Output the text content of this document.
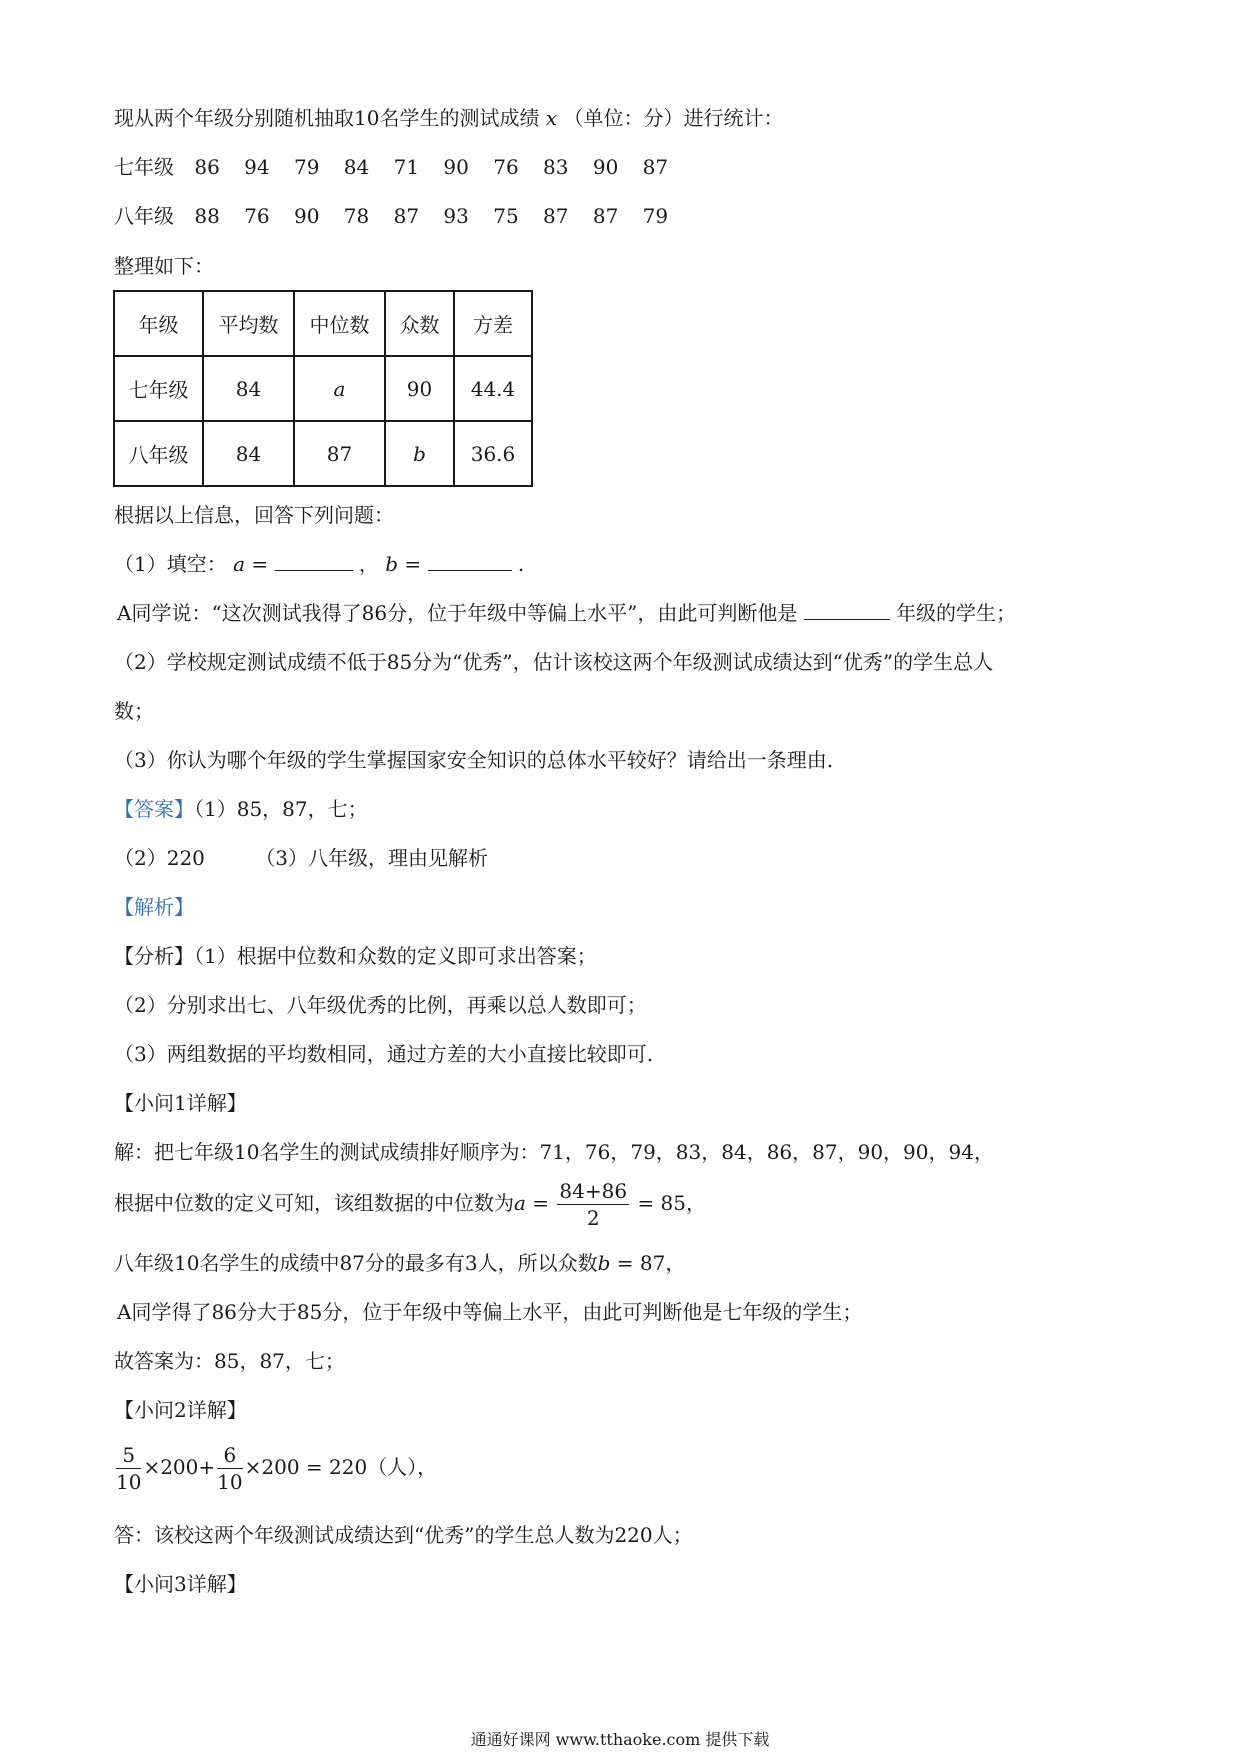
现从两个年级分别随机抽取10名学生的测试成绩 x （单位：分）进行统计：
七年级 86 94 79 84 71 90 76 83 90 87
八年级 88 76 90 78 87 93 75 87 87 79
整理如下：
年级	平均数	中位数	众数	方差
七年级	84	a	90	44.4
八年级	84	87	b	36.6
根据以上信息，回答下列问题：
（1）填空： a =	， b =	.
A同学说：“这次测试我得了86分，位于年级中等偏上水平”，由此可判断他是	年级的学生；
（2）学校规定测试成绩不低于85分为“优秀”，估计该校这两个年级测试成绩达到“优秀”的学生总人
数；
（3）你认为哪个年级的学生掌握国家安全知识的总体水平较好？请给出一条理由.
【答案】（1）85，87，七；
（2）220	（3）八年级，理由见解析
【解析】
【分析】（1）根据中位数和众数的定义即可求出答案；
（2）分别求出七、八年级优秀的比例，再乘以总人数即可；
（3）两组数据的平均数相同，通过方差的大小直接比较即可.
【小问1详解】
解：把七年级10名学生的测试成绩排好顺序为：71，76，79，83，84，86，87，90，90，94，
根据中位数的定义可知，该组数据的中位数为$a = \frac{84+86}{2} = 85$，
八年级10名学生的成绩中87分的最多有3人，所以众数b = 87，
A同学得了86分大于85分，位于年级中等偏上水平，由此可判断他是七年级的学生；
故答案为：85，87，七；
【小问2详解】
$\frac{5}{10} \times 200+ \frac{6}{10} \times 200 = 220$（人），
答：该校这两个年级测试成绩达到“优秀”的学生总人数为220人；
【小问3详解】
通通好课网 www.tthaoke.com 提供下载
